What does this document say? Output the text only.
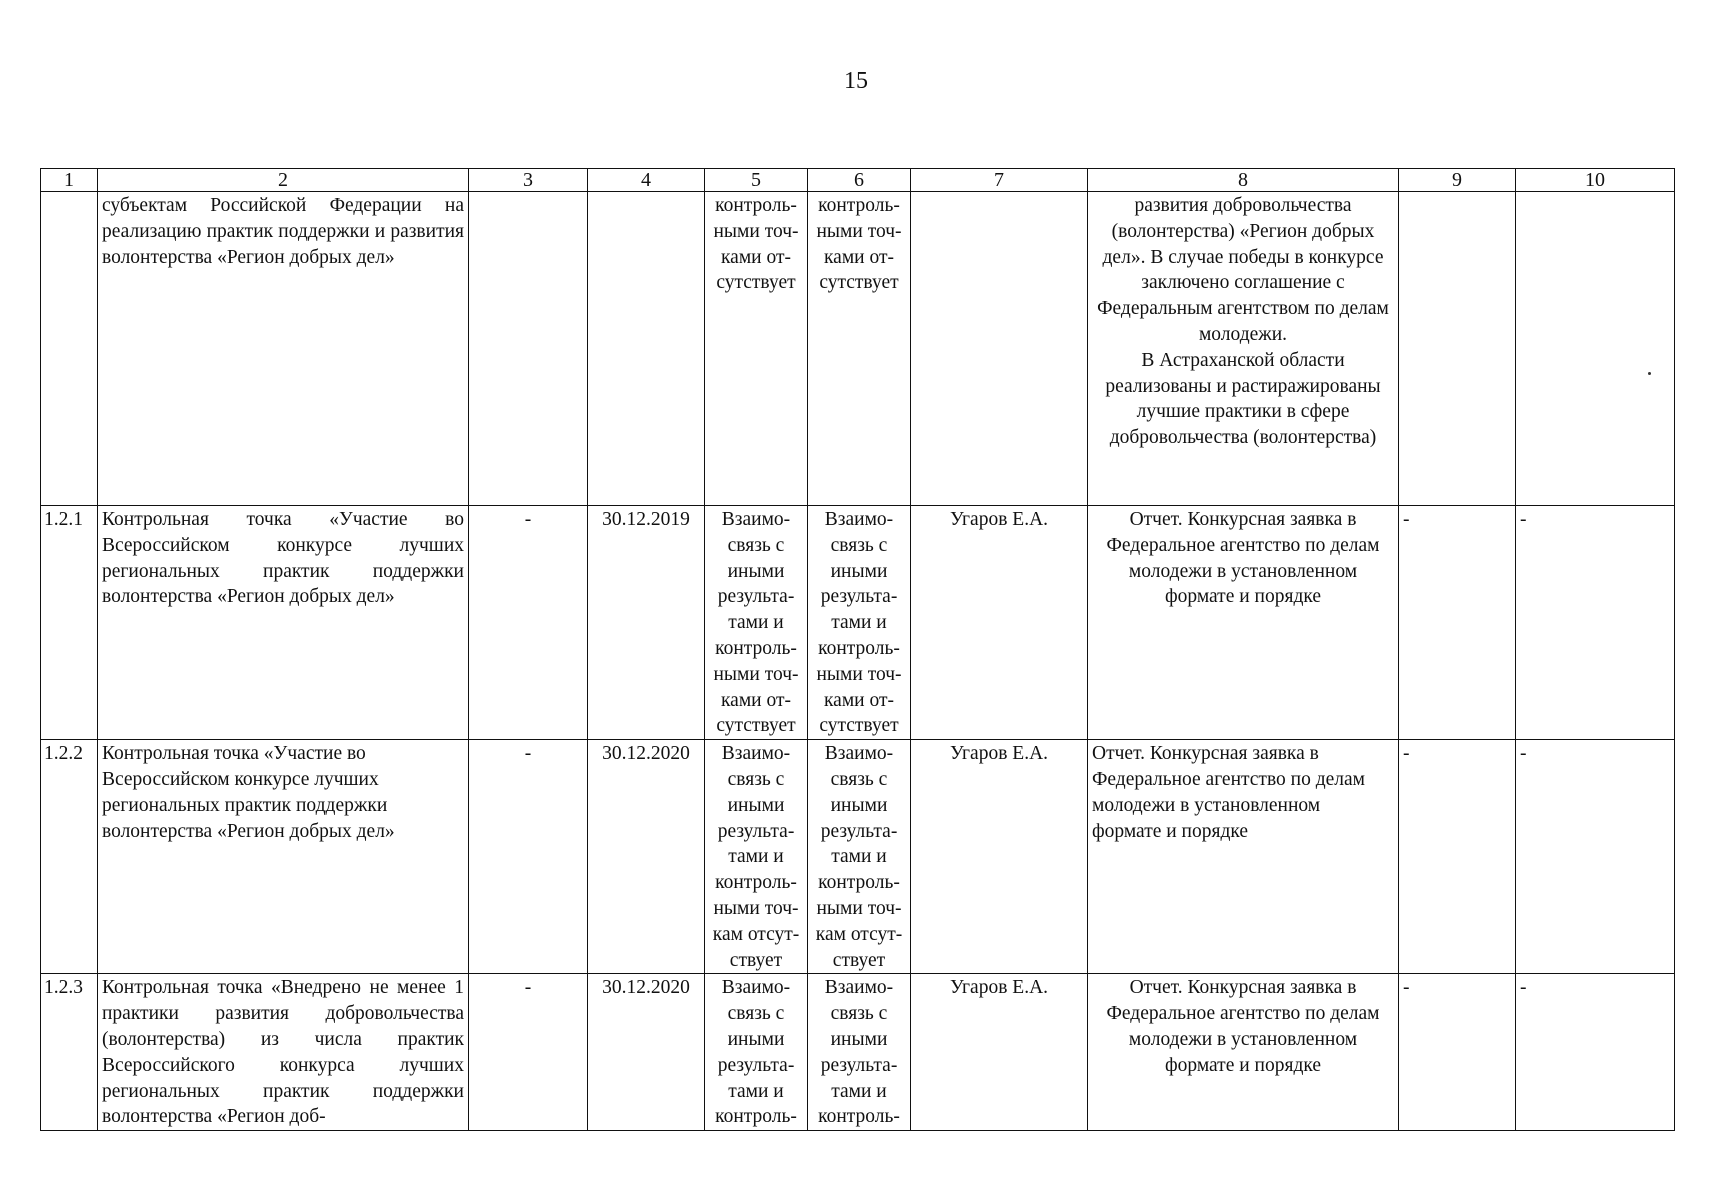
15
1	2	3	4	5	6	7	8	9	10
	субъектам Российской Федерации на реализацию практик поддержки и развития волонтерства «Регион добрых дел»			контроль-ными точ-ками от-сутствует	контроль-ными точ-ками от-сутствует		развития добровольчества (волонтерства) «Регион добрых дел». В случае победы в конкурсе заключено соглашение с Федеральным агентством по делам молодежи.
В Астраханской области реализованы и растиражированы лучшие практики в сфере добровольчества (волонтерства)		
1.2.1	Контрольная точка «Участие во Всероссийском конкурсе лучших региональных практик поддержки волонтерства «Регион добрых дел»	-	30.12.2019	Взаимо-связь с иными результа-тами и контроль-ными точ-ками от-сутствует	Взаимо-связь с иными результа-тами и контроль-ными точ-ками от-сутствует	Угаров Е.А.	Отчет. Конкурсная заявка в Федеральное агентство по делам молодежи в установленном формате и порядке	-	-
1.2.2	Контрольная точка «Участие во Всероссийском конкурсе лучших региональных практик поддержки волонтерства «Регион добрых дел»	-	30.12.2020	Взаимо-связь с иными результа-тами и контроль-ными точ-кам отсут-ствует	Взаимо-связь с иными результа-тами и контроль-ными точ-кам отсут-ствует	Угаров Е.А.	Отчет. Конкурсная заявка в Федеральное агентство по делам молодежи в установленном формате и порядке	-	-
1.2.3	Контрольная точка «Внедрено не менее 1 практики развития добровольчества (волонтерства) из числа практик Всероссийского конкурса лучших региональных практик поддержки волонтерства «Регион доб-	-	30.12.2020	Взаимо-связь с иными результа-тами и контроль-	Взаимо-связь с иными результа-тами и контроль-	Угаров Е.А.	Отчет. Конкурсная заявка в Федеральное агентство по делам молодежи в установленном формате и порядке	-	-
